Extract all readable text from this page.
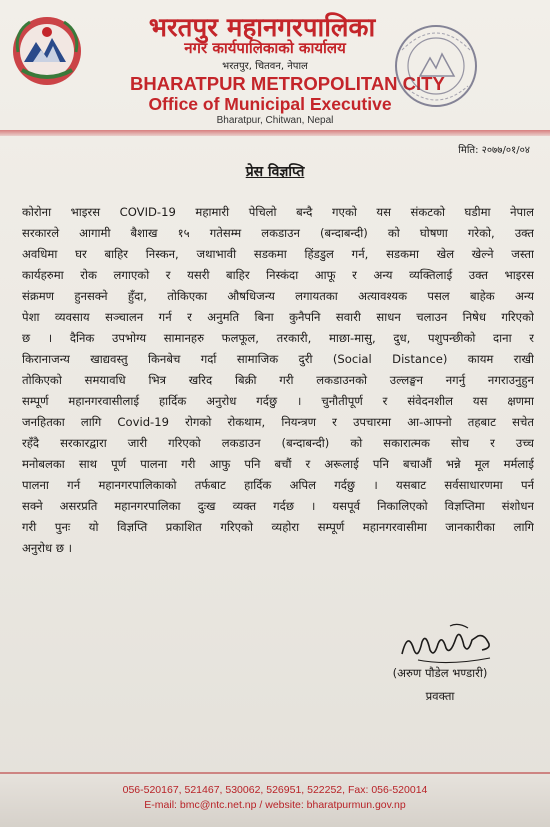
भरतपुर महानगरपालिका
नगर कार्यपालिकाको कार्यालय
भरतपुर, चितवन, नेपाल
BHARATPUR METROPOLITAN CITY
Office of Municipal Executive
Bharatpur, Chitwan, Nepal
मिति: २०७७/०१/०४
प्रेस विज्ञप्ति
कोरोना भाइरस COVID-19 महामारी पेचिलो बन्दै गएको यस संकटको घडीमा नेपाल
सरकारले आगामी बैशाख १५ गतेसम्म लकडाउन (बन्दाबन्दी) को घोषणा गरेको, उक्त
अवधिमा घर बाहिर निस्कन, जथाभावी सडकमा हिंडडुल गर्न, सडकमा खेल खेल्ने जस्ता
कार्यहरुमा रोक लगाएको र यसरी बाहिर निस्कंदा आफू र अन्य व्यक्तिलाई उक्त भाइरस
संक्रमण हुनसक्ने हुँदा, तोकिएका औषधिजन्य लगायतका अत्यावश्यक पसल बाहेक अन्य
पेशा व्यवसाय सञ्चालन गर्न र अनुमति बिना कुनैपनि सवारी साधन चलाउन निषेध गरिएको
छ । दैनिक उपभोग्य सामानहरु फलफूल, तरकारी, माछा-मासु, दुध, पशुपन्छीको दाना र
किरानाजन्य खाद्यवस्तु किनबेच गर्दा सामाजिक दुरी (Social Distance) कायम राखी
तोकिएको समयावधि भित्र खरिद बिक्री गरी लकडाउनको उल्लङ्घन नगर्नु नगराउनुहुन
सम्पूर्ण महानगरवासीलाई हार्दिक अनुरोध गर्दछु । चुनौतीपूर्ण र संवेदनशील यस क्षणमा
जनहितका लागि Covid-19 रोगको रोकथाम, नियन्त्रण र उपचारमा आ-आफ्नो तहबाट सचेत
रहँदै सरकारद्वारा जारी गरिएको लकडाउन (बन्दाबन्दी) को सकारात्मक सोच र उच्च
मनोबलका साथ पूर्ण पालना गरी आफु पनि बचौं र अरूलाई पनि बचाऔं भन्ने मूल मर्मलाई
पालना गर्न महानगरपालिकाको तर्फबाट हार्दिक अपिल गर्दछु । यसबाट सर्वसाधारणमा पर्न
सक्ने असरप्रति महानगरपालिका दुःख व्यक्त गर्दछ । यसपूर्व निकालिएको विज्ञप्तिमा संशोधन
गरी पुनः यो विज्ञप्ति प्रकाशित गरिएको व्यहोरा सम्पूर्ण महानगरवासीमा जानकारीका लागि
अनुरोध छ ।
(अरुण पौडेल भण्डारी)
प्रवक्ता
056-520167, 521467, 530062, 526951, 522252, Fax: 056-520014
E-mail: bmc@ntc.net.np / website: bharatpurmun.gov.np
